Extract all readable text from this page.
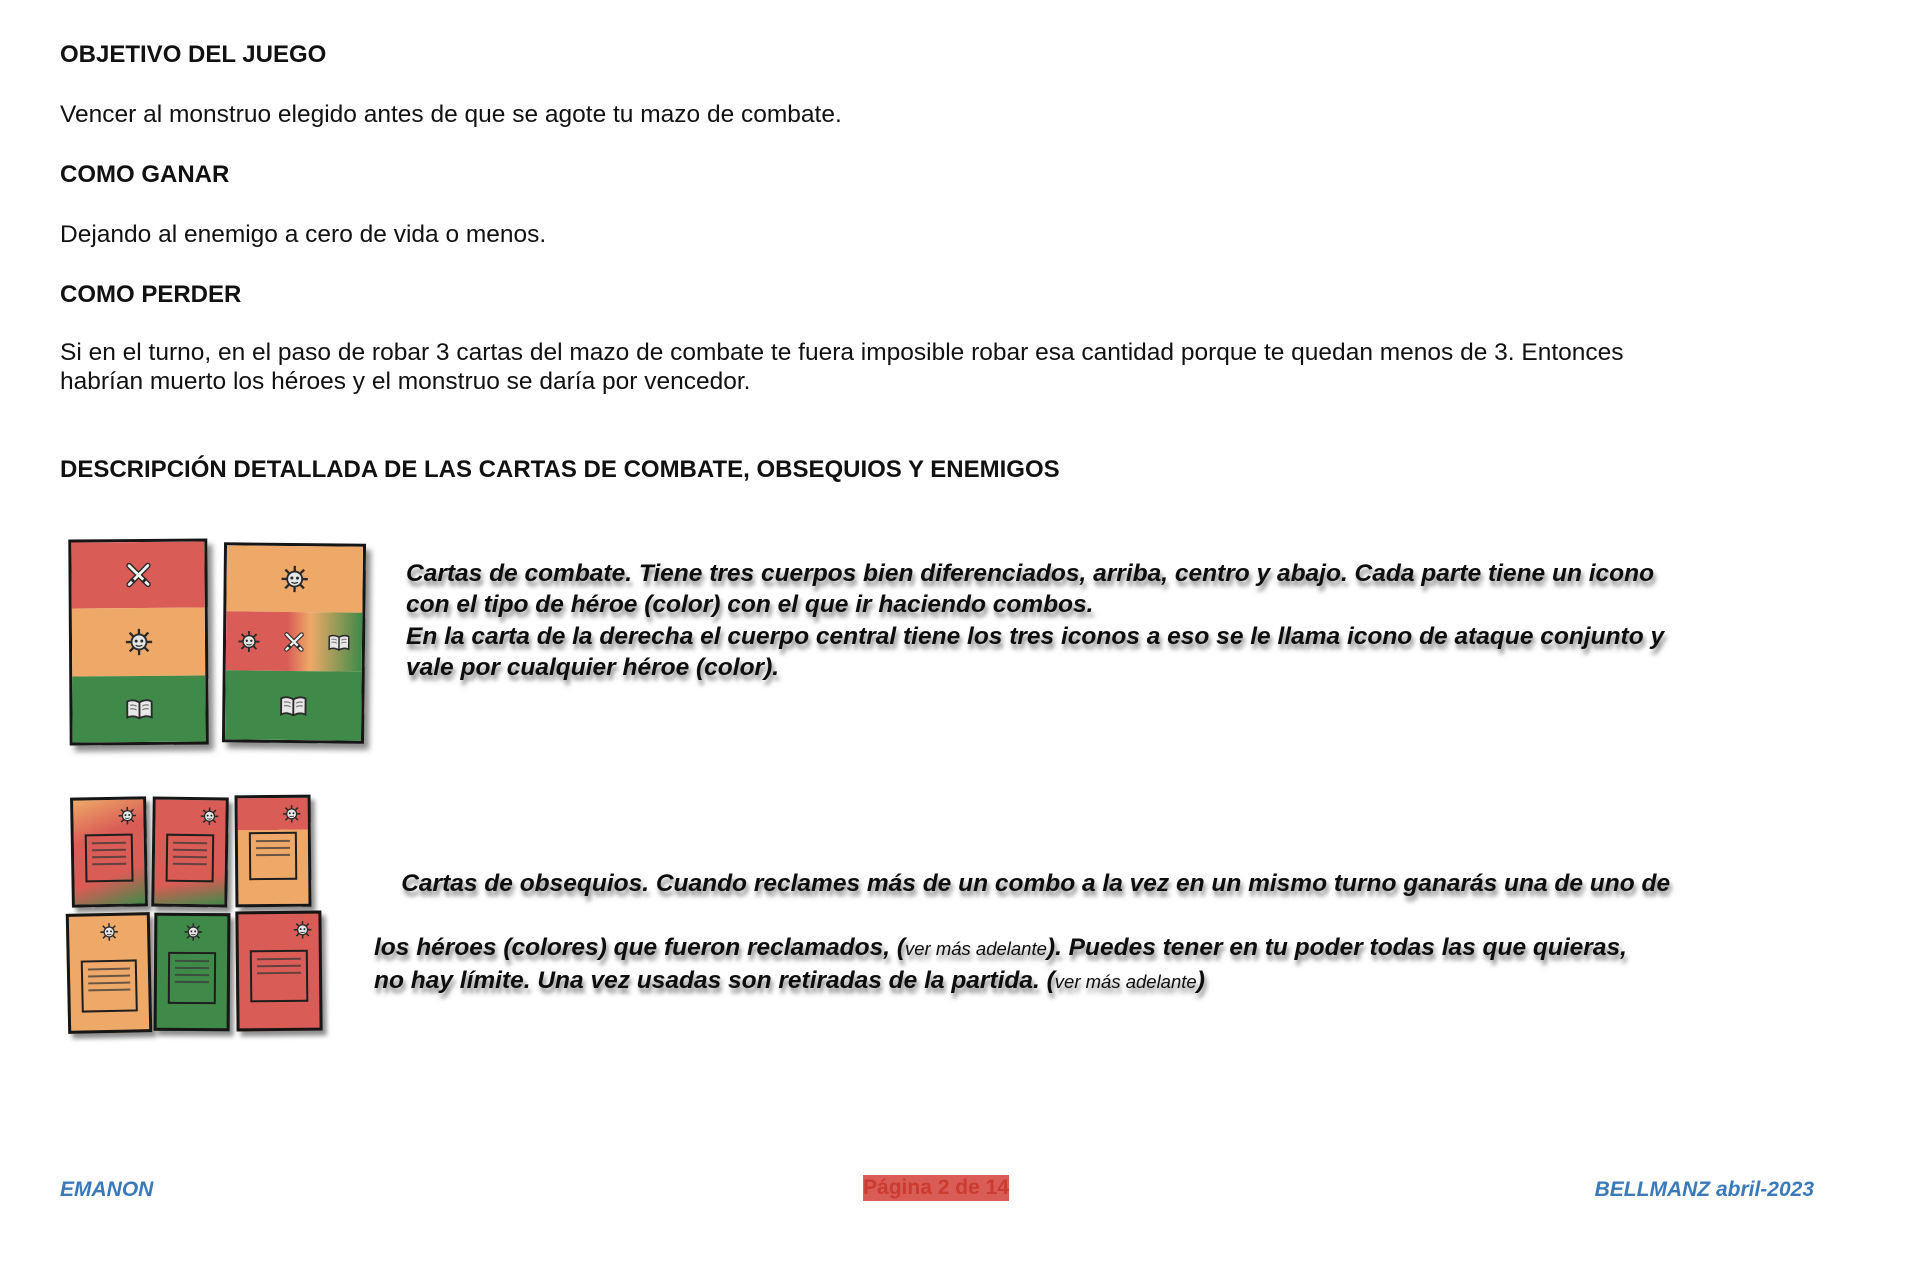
OBJETIVO DEL JUEGO
Vencer al monstruo elegido antes de que se agote tu mazo de combate.
COMO GANAR
Dejando al enemigo a cero de vida o menos.
COMO PERDER
Si en el turno, en el paso de robar 3 cartas del mazo de combate te fuera imposible robar esa cantidad porque te quedan menos de 3. Entonces
habrían muerto los héroes y el monstruo se daría por vencedor.
DESCRIPCIÓN DETALLADA DE LAS CARTAS DE COMBATE, OBSEQUIOS Y ENEMIGOS
Cartas de combate. Tiene tres cuerpos bien diferenciados, arriba, centro y abajo. Cada parte tiene un icono
con el tipo de héroe (color) con el que ir haciendo combos.
En la carta de la derecha el cuerpo central tiene los tres iconos a eso se le llama icono de ataque conjunto y
vale por cualquier héroe (color).

Cartas de obsequios. Cuando reclames más de un combo a la vez en un mismo turno ganarás una de uno de

los héroes (colores) que fueron reclamados, (ver más adelante). Puedes tener en tu poder todas las que quieras,
no hay límite. Una vez usadas son retiradas de la partida. (ver más adelante)
EMANON	Página 2 de 14	BELLMANZ abril-2023
